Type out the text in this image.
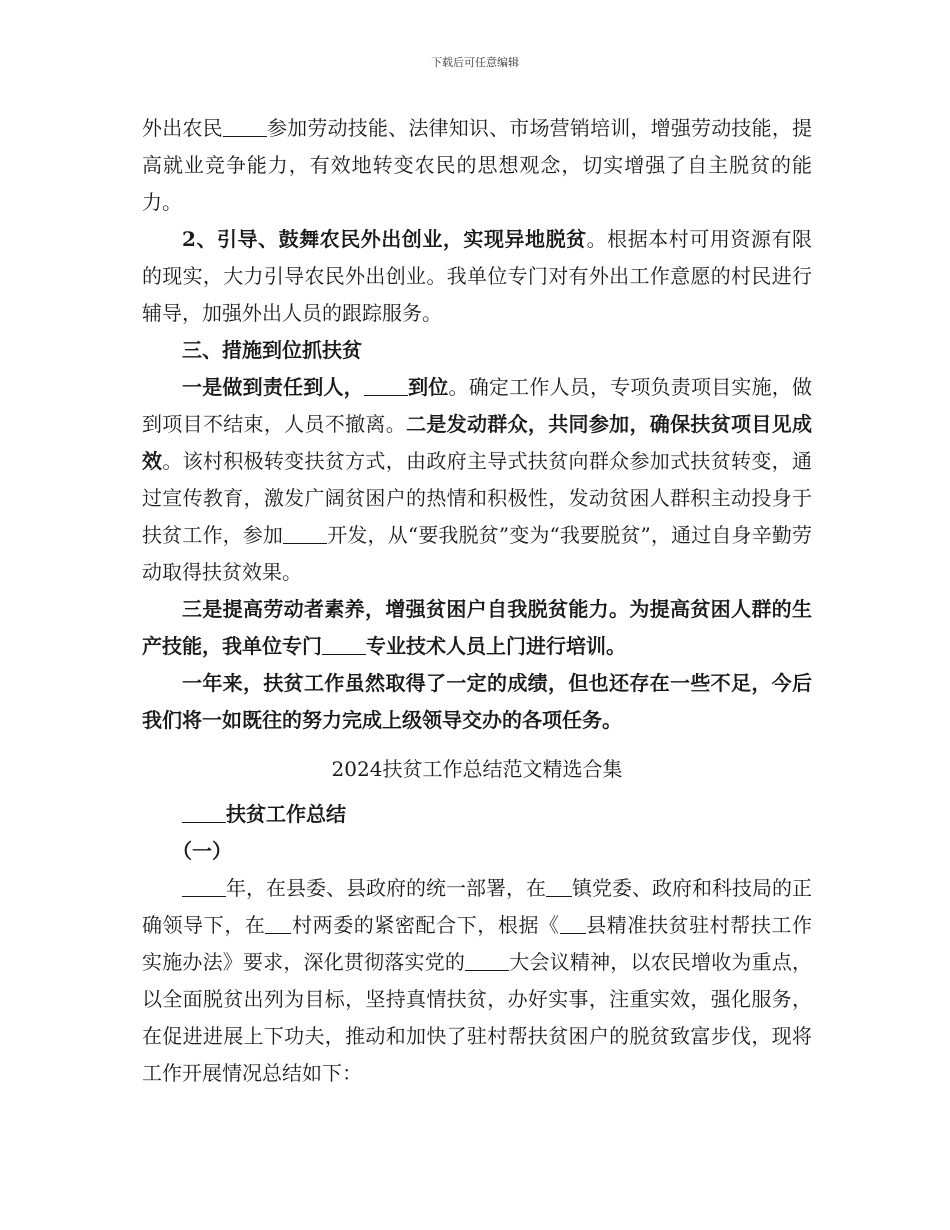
下载后可任意编辑

外出农民 参加劳动技能、法律知识、市场营销培训，增强劳动技能，提高就业竞争能力，有效地转变农民的思想观念，切实增强了自主脱贫的能力。

2、引导、鼓舞农民外出创业，实现异地脱贫。根据本村可用资源有限的现实，大力引导农民外出创业。我单位专门对有外出工作意愿的村民进行辅导，加强外出人员的跟踪服务。

三、措施到位抓扶贫

一是做到责任到人， 到位。确定工作人员，专项负责项目实施，做到项目不结束，人员不撤离。二是发动群众，共同参加，确保扶贫项目见成效。该村积极转变扶贫方式，由政府主导式扶贫向群众参加式扶贫转变，通过宣传教育，激发广阔贫困户的热情和积极性，发动贫困人群积主动投身于扶贫工作，参加 开发，从“要我脱贫”变为“我要脱贫”，通过自身辛勤劳动取得扶贫效果。

三是提高劳动者素养，增强贫困户自我脱贫能力。为提高贫困人群的生产技能，我单位专门 专业技术人员上门进行培训。

一年来，扶贫工作虽然取得了一定的成绩，但也还存在一些不足，今后我们将一如既往的努力完成上级领导交办的各项任务。

2024扶贫工作总结范文精选合集

扶贫工作总结

（一）

年，在县委、县政府的统一部署，在 镇党委、政府和科技局的正确领导下，在 村两委的紧密配合下，根据《 县精准扶贫驻村帮扶工作实施办法》要求，深化贯彻落实党的 大会议精神，以农民增收为重点，以全面脱贫出列为目标，坚持真情扶贫，办好实事，注重实效，强化服务，在促进进展上下功夫，推动和加快了驻村帮扶贫困户的脱贫致富步伐，现将工作开展情况总结如下：
